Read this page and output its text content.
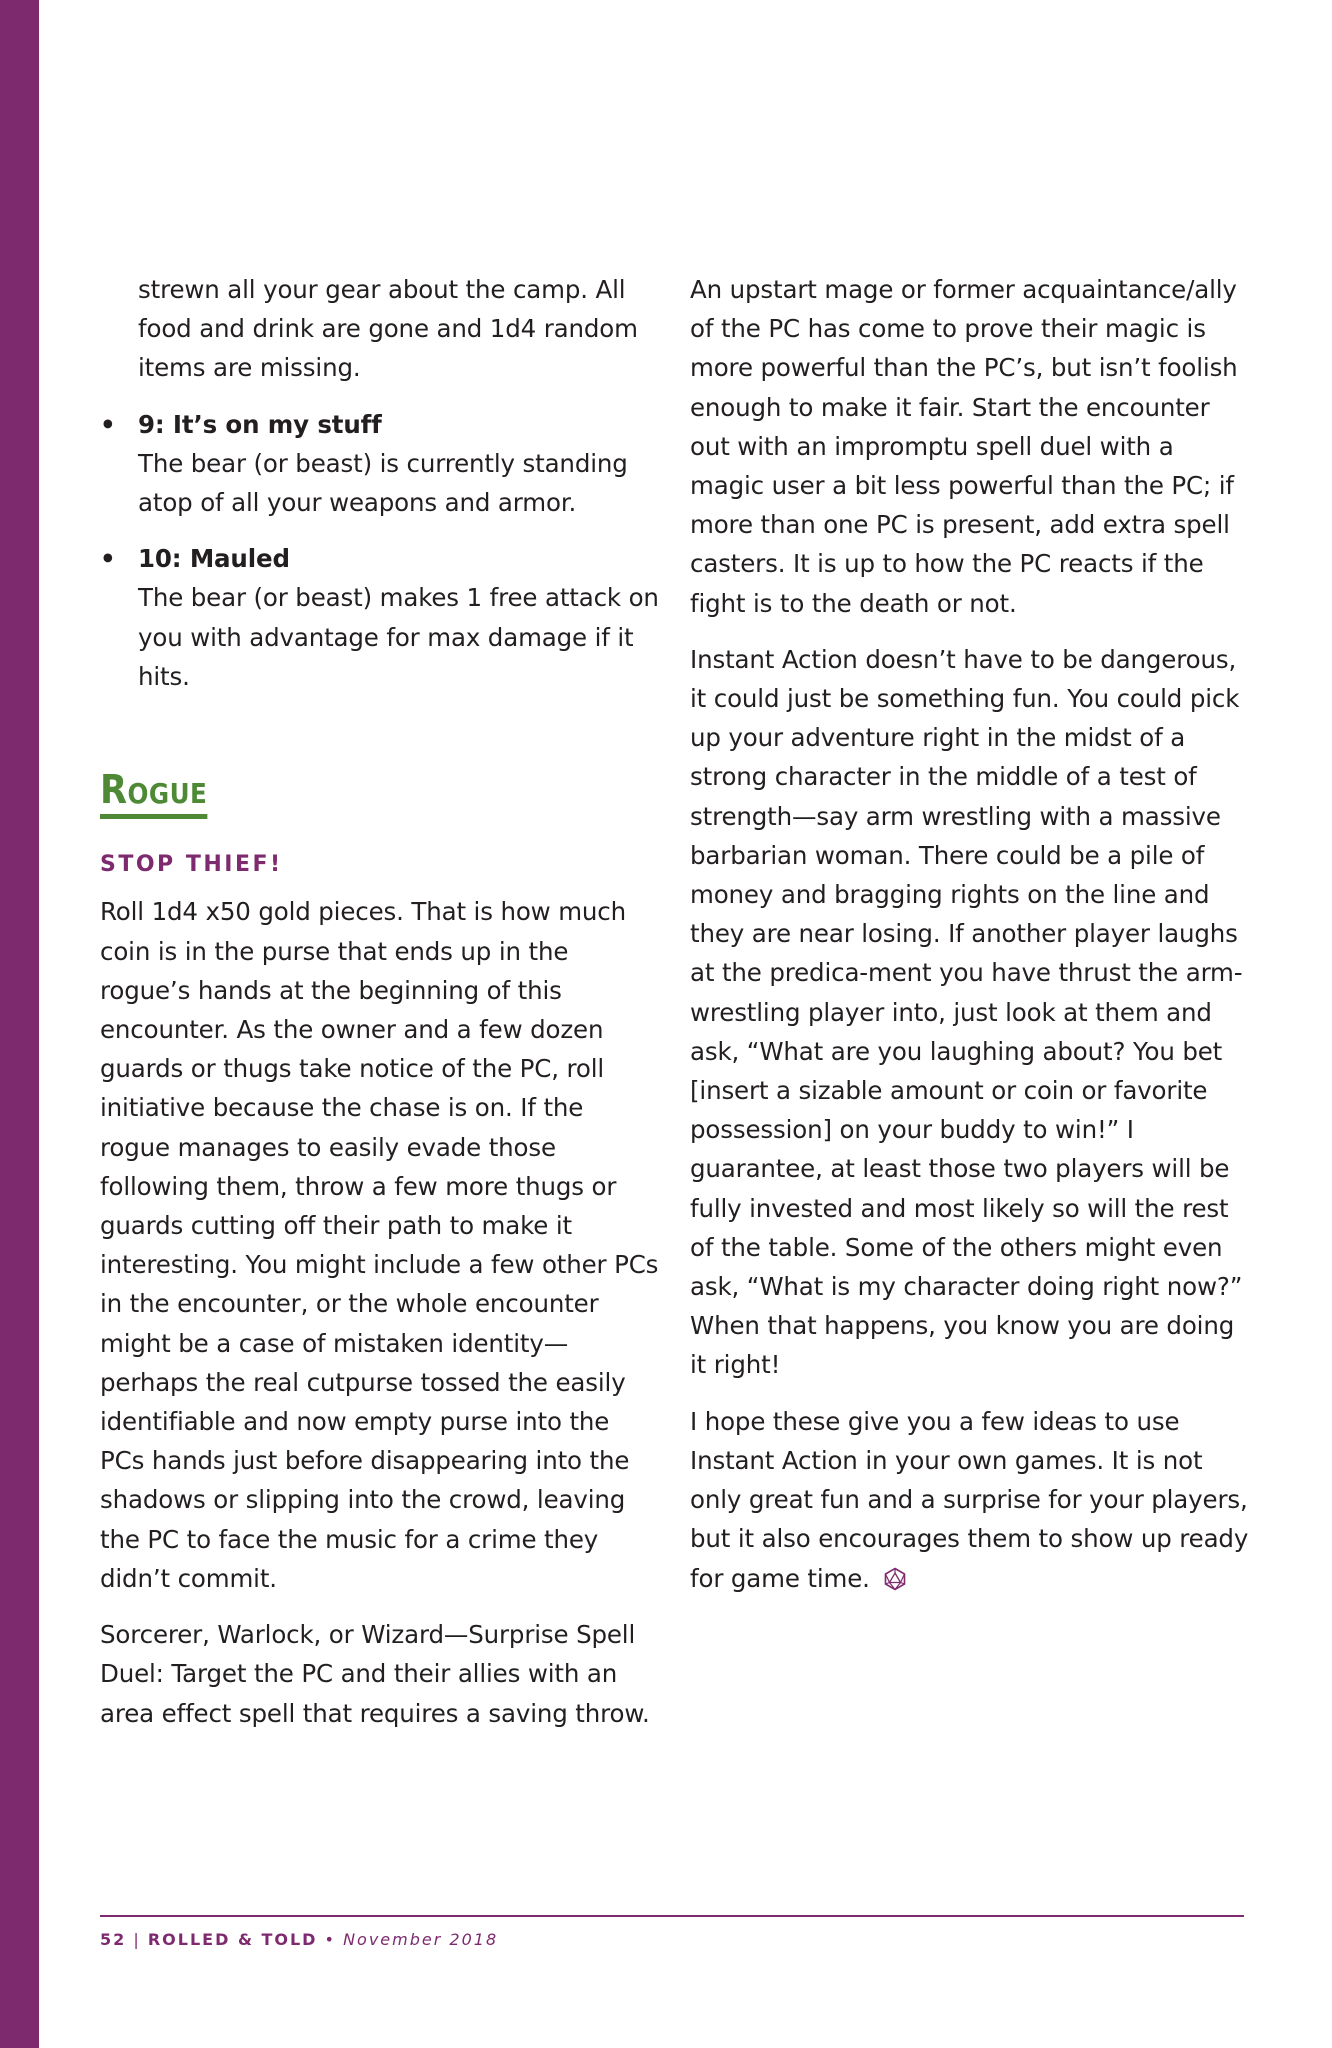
strewn all your gear about the camp. All food and drink are gone and 1d4 random items are missing.

• 9: It’s on my stuff
The bear (or beast) is currently standing atop of all your weapons and armor.
• 10: Mauled
The bear (or beast) makes 1 free attack on you with advantage for max damage if it hits.
Rogue
STOP THIEF!

Roll 1d4 x50 gold pieces. That is how much coin is in the purse that ends up in the rogue’s hands at the beginning of this encounter. As the owner and a few dozen guards or thugs take notice of the PC, roll initiative because the chase is on. If the rogue manages to easily evade those following them, throw a few more thugs or guards cutting off their path to make it interesting. You might include a few other PCs in the encounter, or the whole encounter might be a case of mistaken identity—perhaps the real cutpurse tossed the easily identifiable and now empty purse into the PCs hands just before disappearing into the shadows or slipping into the crowd, leaving the PC to face the music for a crime they didn’t commit.

Sorcerer, Warlock, or Wizard—Surprise Spell Duel: Target the PC and their allies with an area effect spell that requires a saving throw.

An upstart mage or former acquaintance/ally of the PC has come to prove their magic is more powerful than the PC’s, but isn’t foolish enough to make it fair. Start the encounter out with an impromptu spell duel with a magic user a bit less powerful than the PC; if more than one PC is present, add extra spell casters. It is up to how the PC reacts if the fight is to the death or not.

Instant Action doesn’t have to be dangerous, it could just be something fun. You could pick up your adventure right in the midst of a strong character in the middle of a test of strength—say arm wrestling with a massive barbarian woman. There could be a pile of money and bragging rights on the line and they are near losing. If another player laughs at the predica-ment you have thrust the arm-wrestling player into, just look at them and ask, “What are you laughing about? You bet [insert a sizable amount or coin or favorite possession] on your buddy to win!” I guarantee, at least those two players will be fully invested and most likely so will the rest of the table. Some of the others might even ask, “What is my character doing right now?” When that happens, you know you are doing it right!

I hope these give you a few ideas to use Instant Action in your own games. It is not only great fun and a surprise for your players, but it also encourages them to show up ready for game time.

52 | ROLLED & TOLD • November 2018
